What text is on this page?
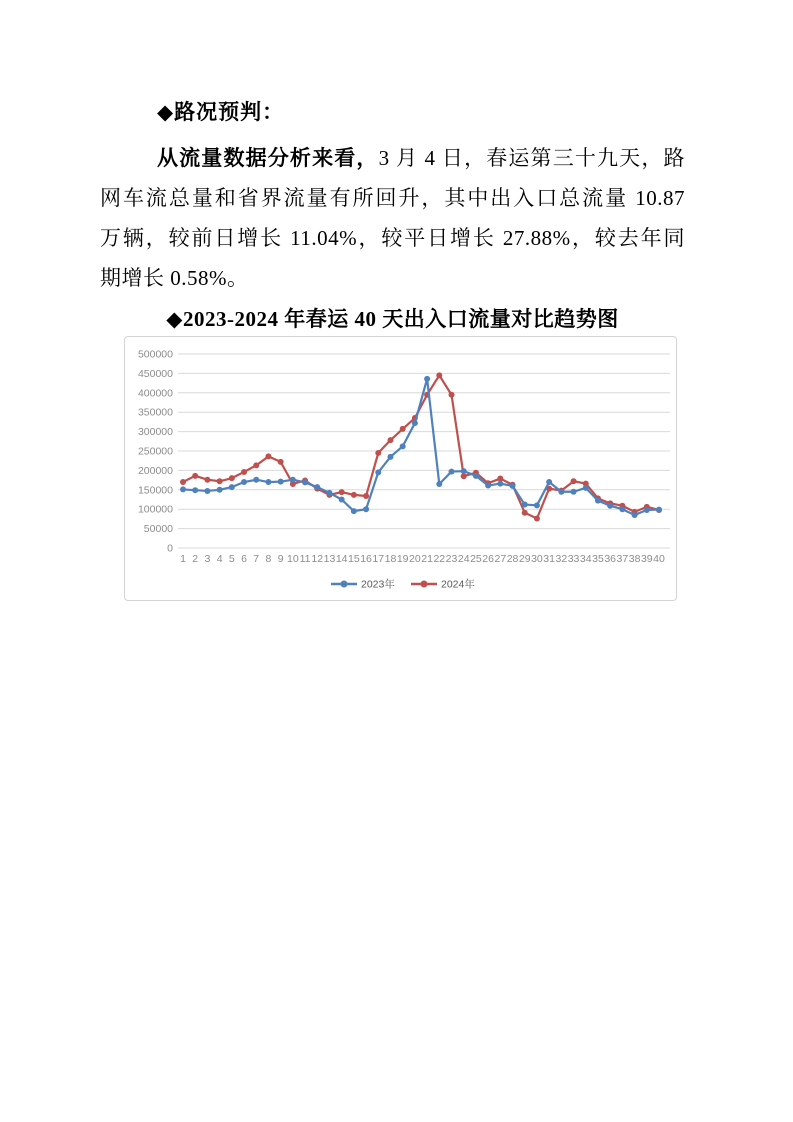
◆路况预判：
从流量数据分析来看，3 月 4 日，春运第三十九天，路
网车流总量和省界流量有所回升，其中出入口总流量 10.87
万辆，较前日增长 11.04%，较平日增长 27.88%，较去年同
期增长 0.58%。
◆2023-2024 年春运 40 天出入口流量对比趋势图
0
50000
100000
150000
200000
250000
300000
350000
400000
450000
500000
1 2 3 4 5 6 7 8 9 10 11 12 13 14 15 16 17 18 19 20 21 22 23 24 25 26 27 28 29 30 31 32 33 34 35 36 37 38 39 40
2023年	2024年
